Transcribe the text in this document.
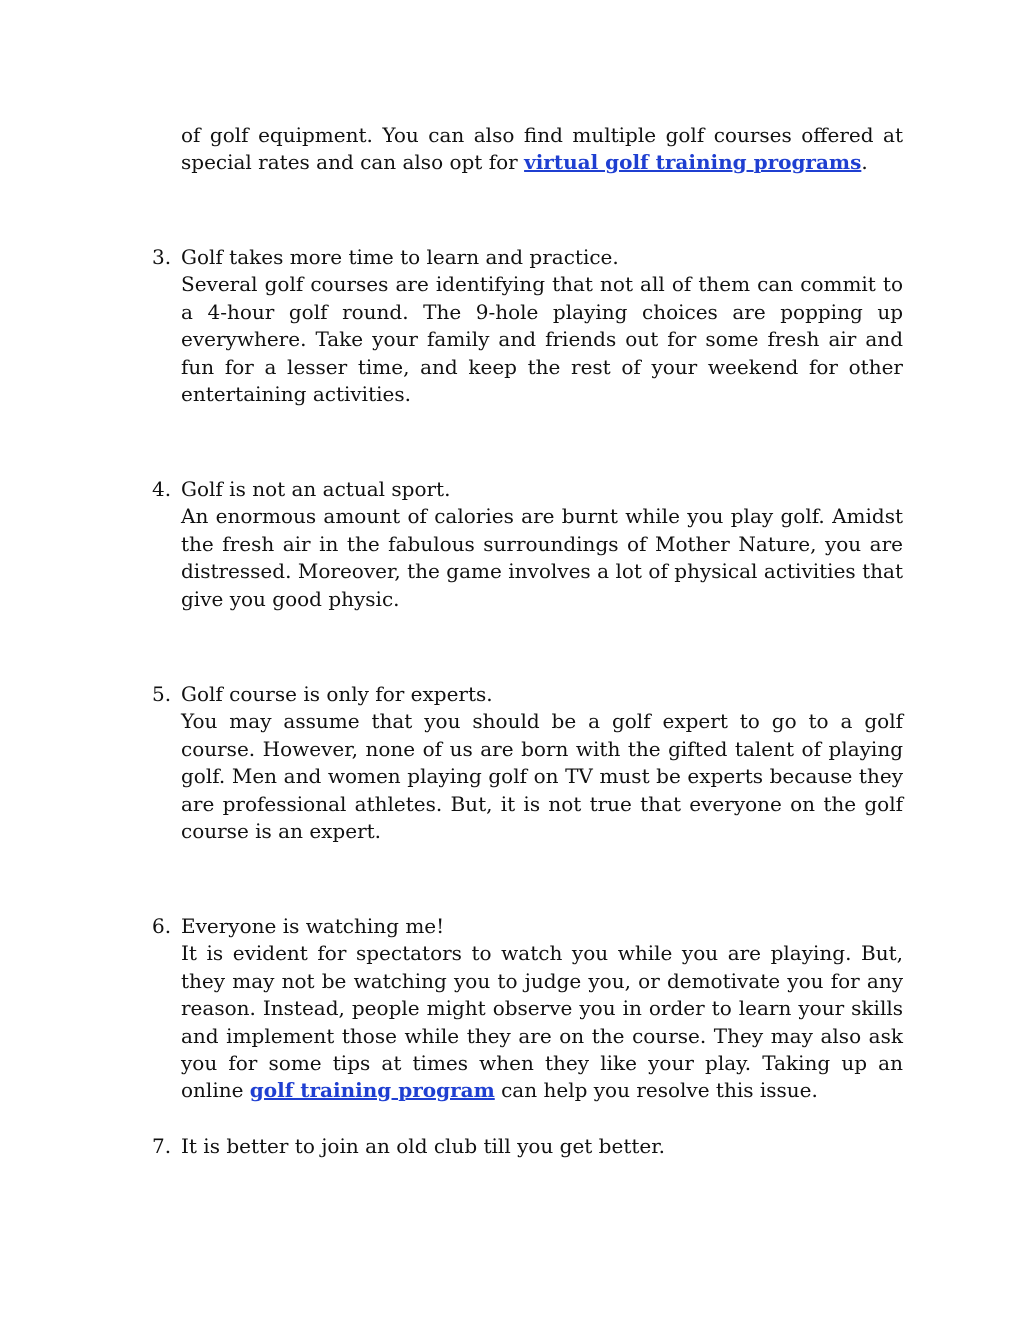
of golf equipment. You can also find multiple golf courses offered at special rates and can also opt for virtual golf training programs.

3. Golf takes more time to learn and practice.

Several golf courses are identifying that not all of them can commit to a 4-hour golf round. The 9-hole playing choices are popping up everywhere. Take your family and friends out for some fresh air and fun for a lesser time, and keep the rest of your weekend for other entertaining activities.

4. Golf is not an actual sport.

An enormous amount of calories are burnt while you play golf. Amidst the fresh air in the fabulous surroundings of Mother Nature, you are distressed. Moreover, the game involves a lot of physical activities that give you good physic.

5. Golf course is only for experts.

You may assume that you should be a golf expert to go to a golf course. However, none of us are born with the gifted talent of playing golf. Men and women playing golf on TV must be experts because they are professional athletes. But, it is not true that everyone on the golf course is an expert.

6. Everyone is watching me!

It is evident for spectators to watch you while you are playing. But, they may not be watching you to judge you, or demotivate you for any reason. Instead, people might observe you in order to learn your skills and implement those while they are on the course. They may also ask you for some tips at times when they like your play. Taking up an online golf training program can help you resolve this issue.

7. It is better to join an old club till you get better.
